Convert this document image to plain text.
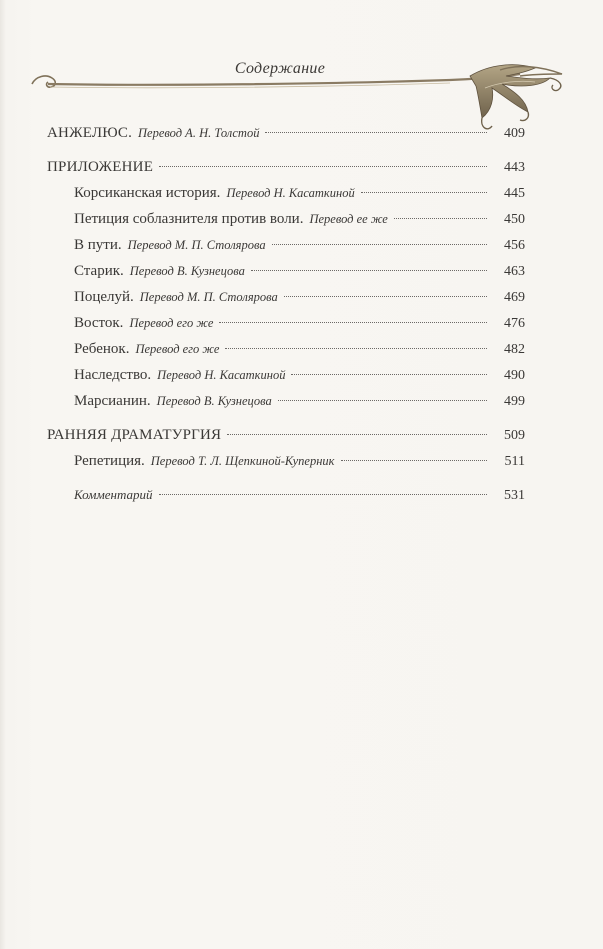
Содержание
АНЖЕЛЮС. Перевод А. Н. Толстой	409
ПРИЛОЖЕНИЕ	443
Корсиканская история. Перевод Н. Касаткиной	445
Петиция соблазнителя против воли. Перевод ее же	450
В пути. Перевод М. П. Столярова	456
Старик. Перевод В. Кузнецова	463
Поцелуй. Перевод М. П. Столярова	469
Восток. Перевод его же	476
Ребенок. Перевод его же	482
Наследство. Перевод Н. Касаткиной	490
Марсианин. Перевод В. Кузнецова	499
РАННЯЯ ДРАМАТУРГИЯ	509
Репетиция. Перевод Т. Л. Щепкиной-Куперник	511
Комментарий	531
